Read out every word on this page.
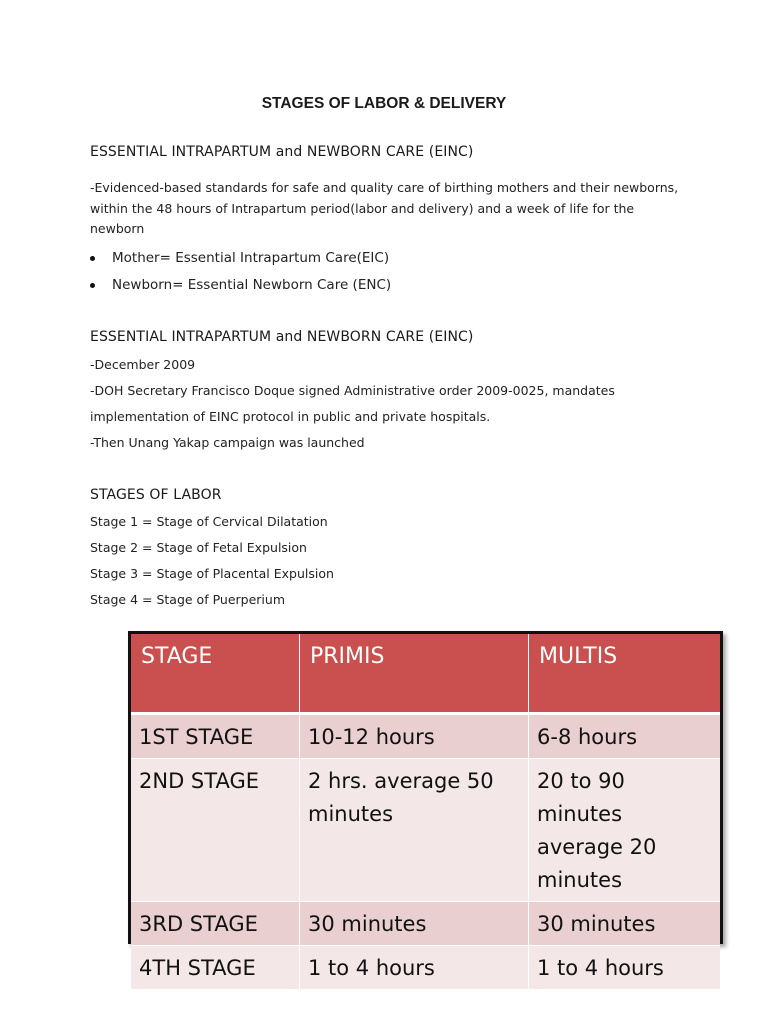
STAGES OF LABOR & DELIVERY
ESSENTIAL INTRAPARTUM and NEWBORN CARE (EINC)
-Evidenced-based standards for safe and quality care of birthing mothers and their newborns, within the 48 hours of Intrapartum period(labor and delivery) and a week of life for the newborn
Mother= Essential Intrapartum Care(EIC)
Newborn= Essential Newborn Care (ENC)
ESSENTIAL INTRAPARTUM and NEWBORN CARE (EINC)
-December 2009
-DOH Secretary Francisco Doque signed Administrative order 2009-0025, mandates
implementation of EINC protocol in public and private hospitals.
-Then Unang Yakap campaign was launched
STAGES OF LABOR
Stage 1 = Stage of Cervical Dilatation
Stage 2 = Stage of Fetal Expulsion
Stage 3 = Stage of Placental Expulsion
Stage 4 = Stage of Puerperium
STAGE	PRIMIS	MULTIS
1ST STAGE	10-12 hours	6-8 hours
2ND STAGE	2 hrs. average 50 minutes	20 to 90 minutes average 20 minutes
3RD STAGE	30 minutes	30 minutes
4TH STAGE	1 to 4 hours	1 to 4 hours
